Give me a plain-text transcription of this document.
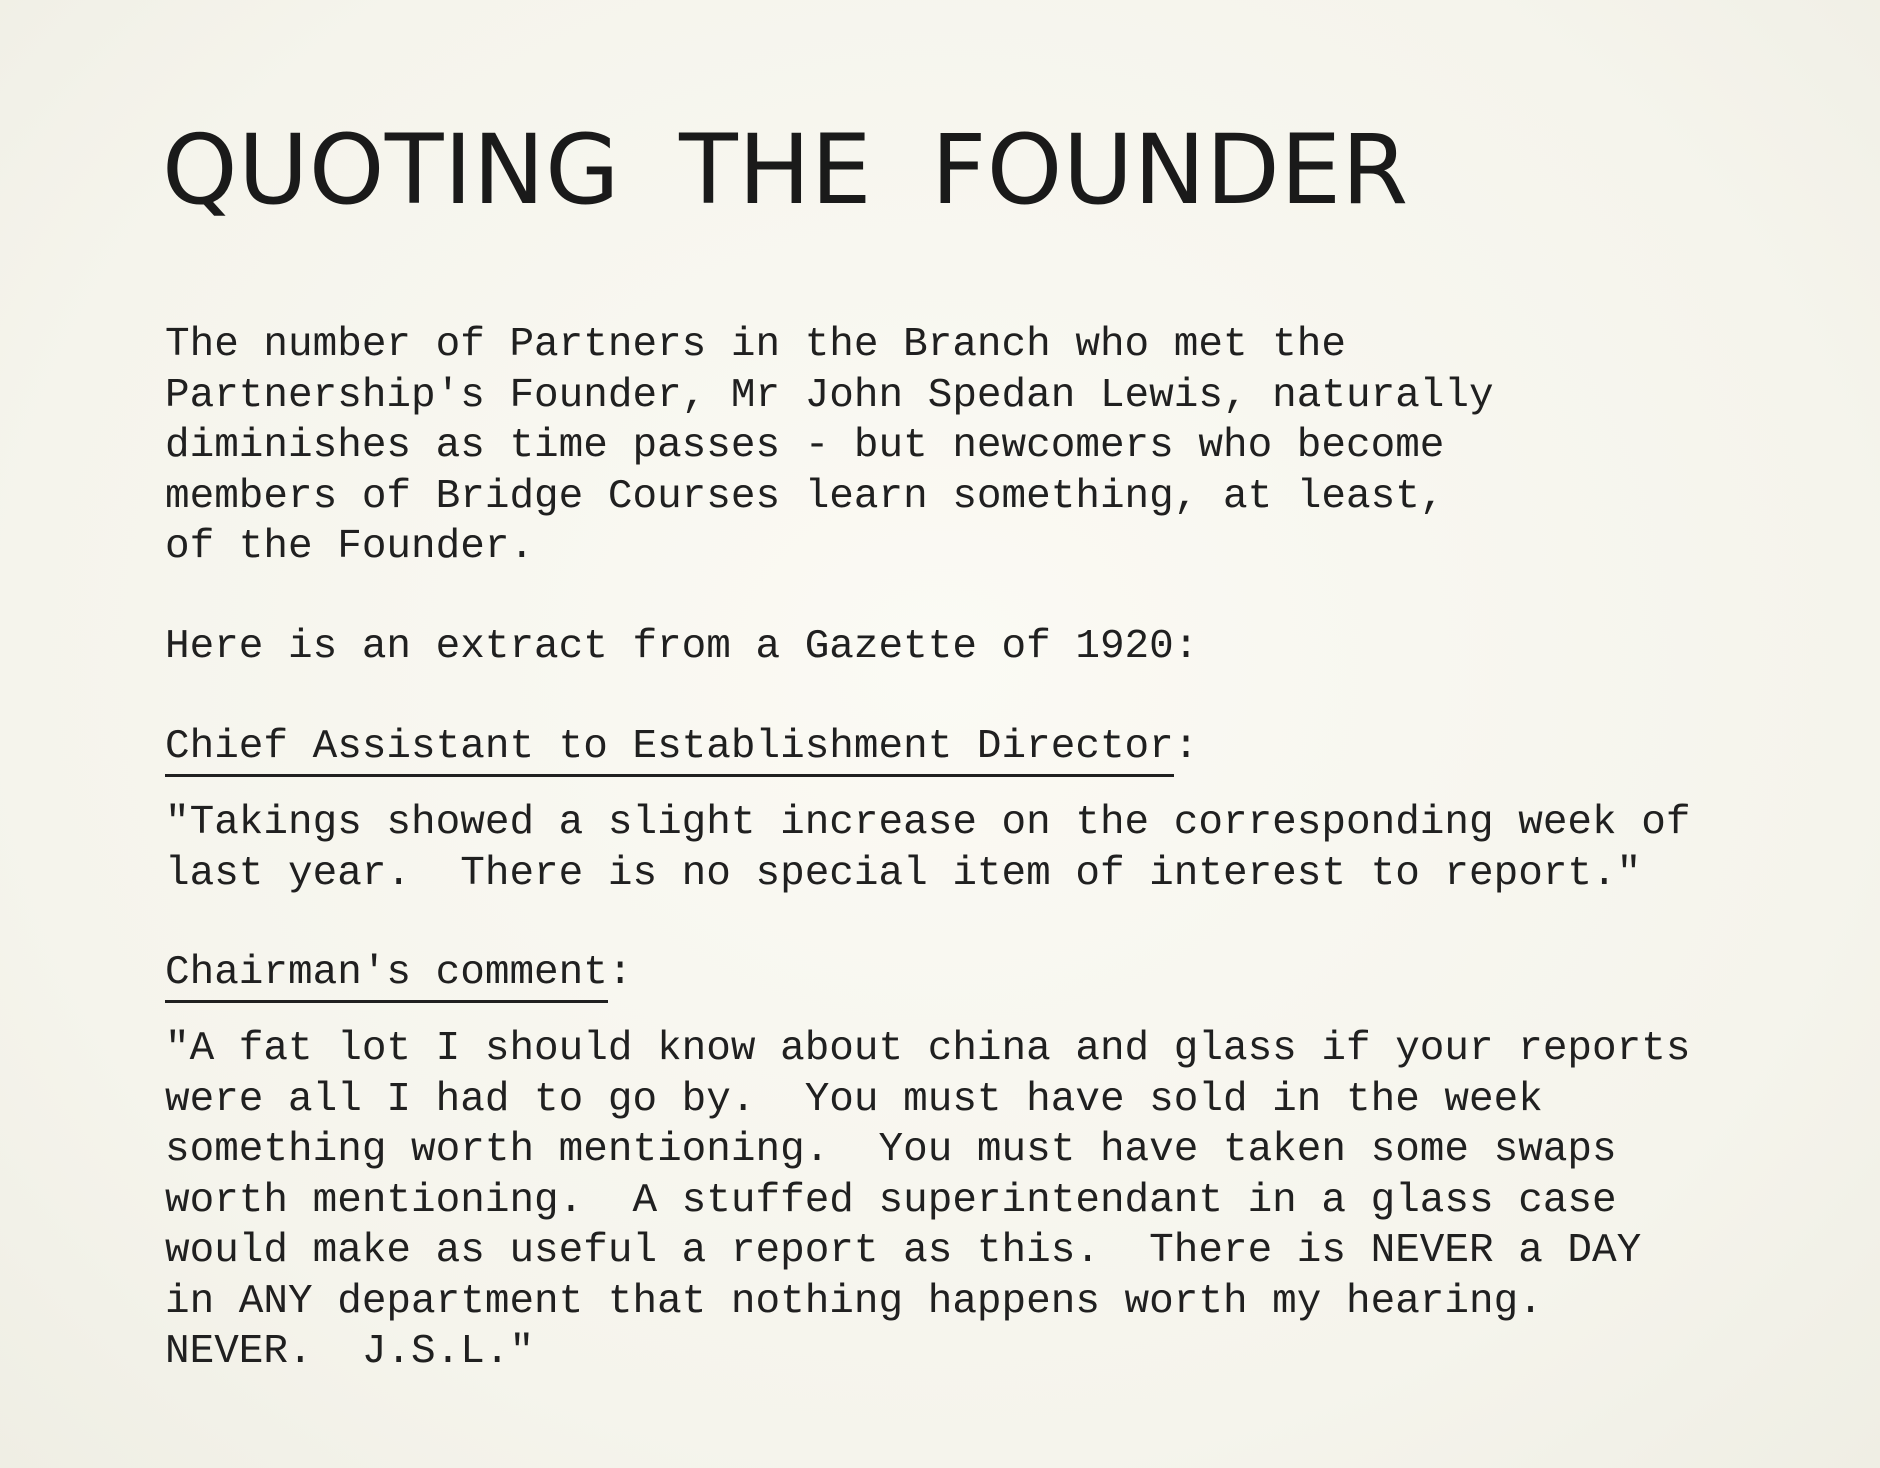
QUOTING THE FOUNDER

The number of Partners in the Branch who met the
Partnership's Founder, Mr John Spedan Lewis, naturally
diminishes as time passes - but newcomers who become
members of Bridge Courses learn something, at least,
of the Founder.

Here is an extract from a Gazette of 1920:

Chief Assistant to Establishment Director:

"Takings showed a slight increase on the corresponding week of
last year.  There is no special item of interest to report."

Chairman's comment:

"A fat lot I should know about china and glass if your reports
were all I had to go by.  You must have sold in the week
something worth mentioning.  You must have taken some swaps
worth mentioning.  A stuffed superintendant in a glass case
would make as useful a report as this.  There is NEVER a DAY
in ANY department that nothing happens worth my hearing.
NEVER.  J.S.L."
